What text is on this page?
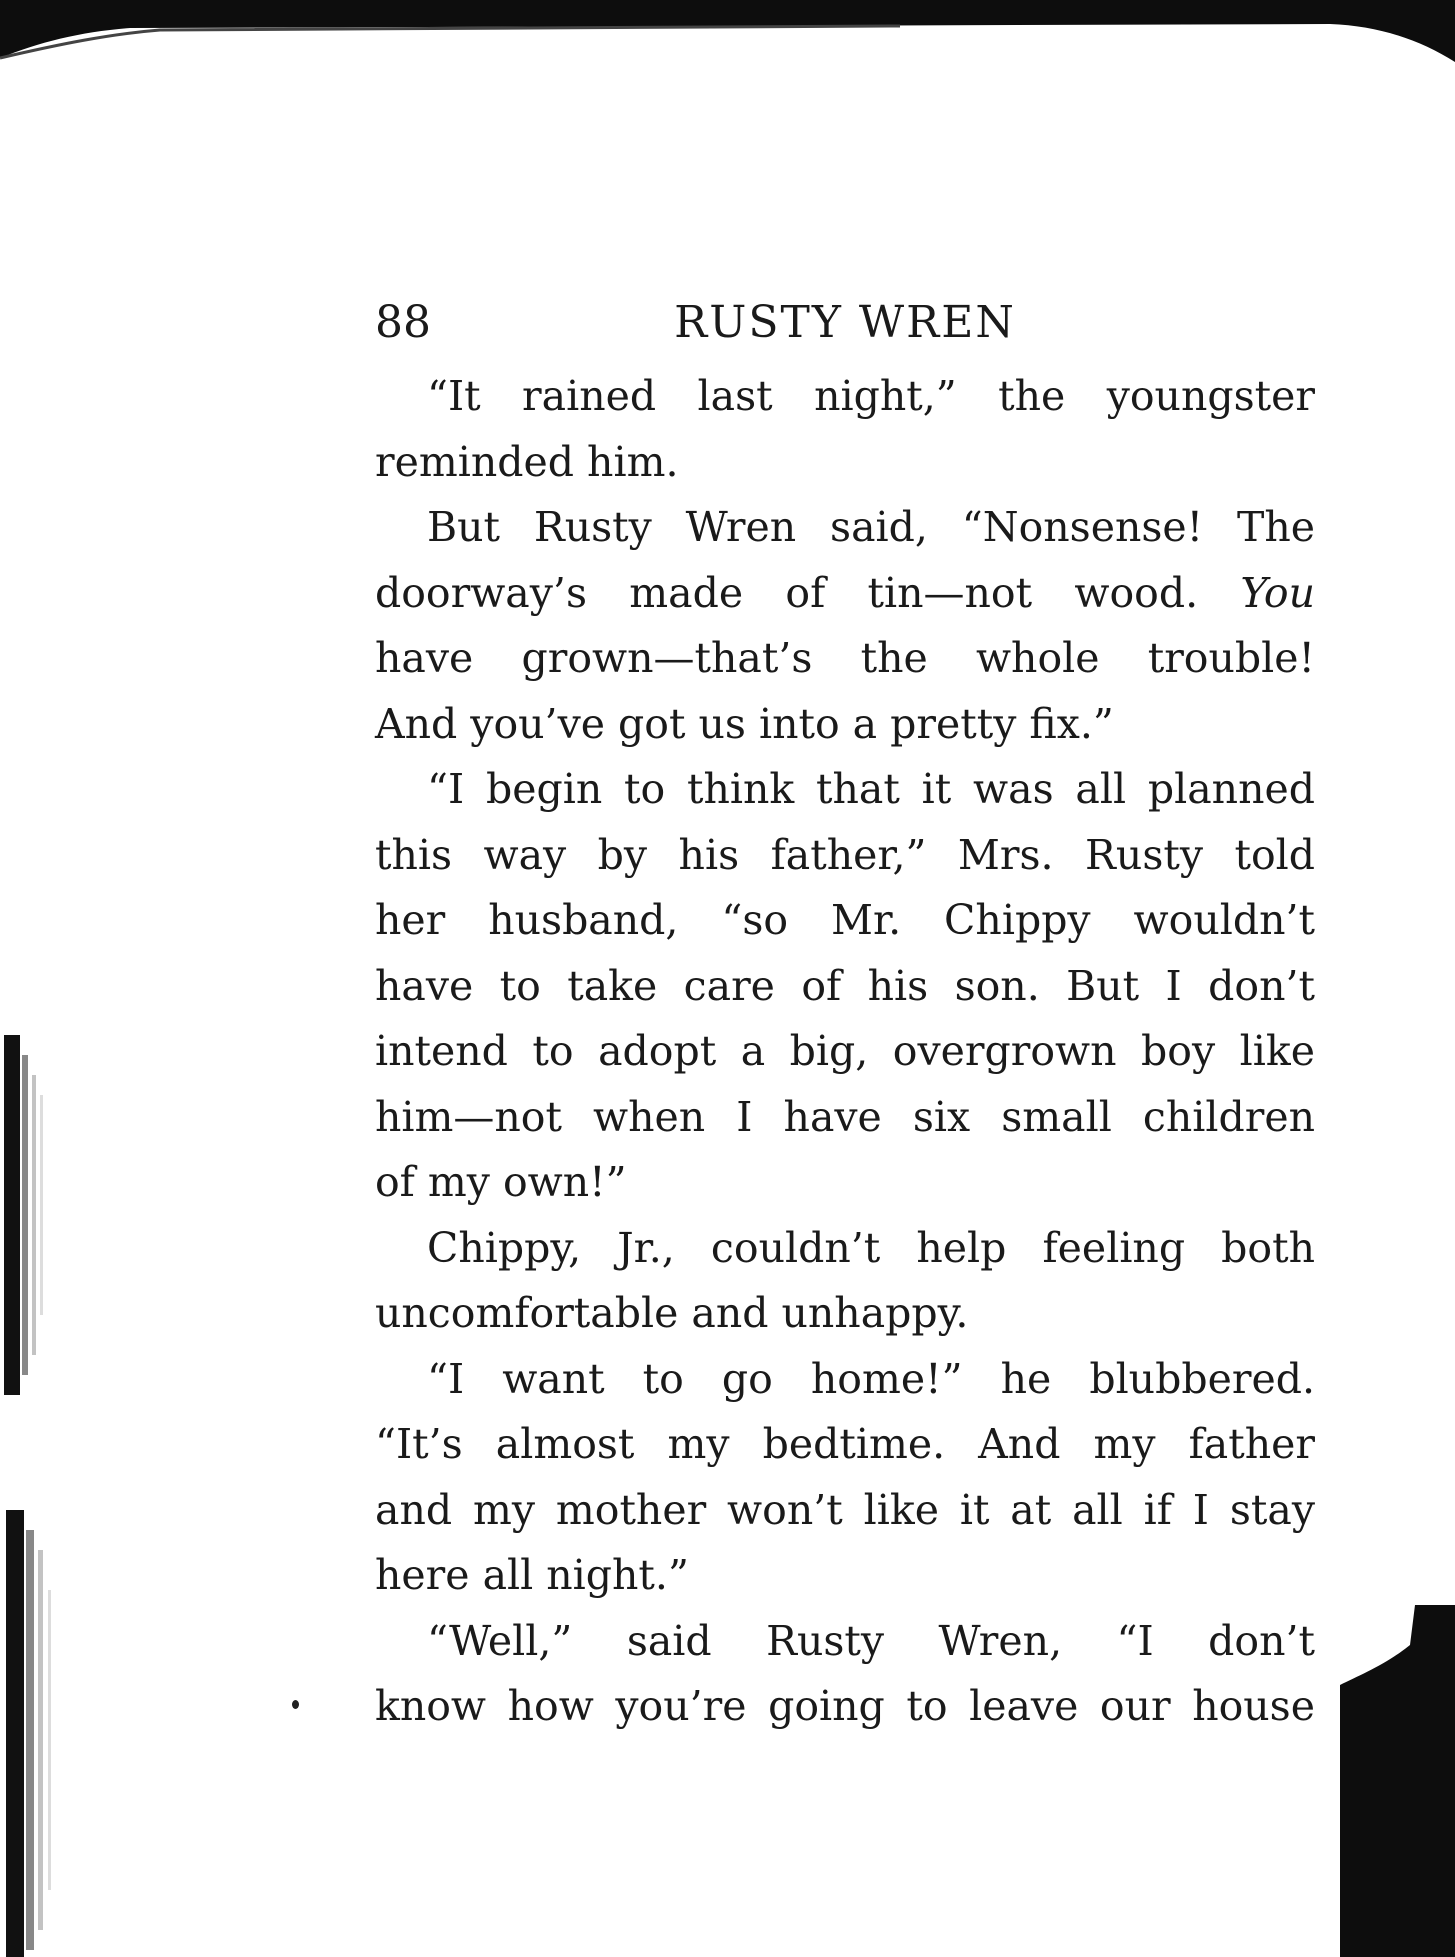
88	RUSTY WREN
“It rained last night,” the youngster
reminded him.
But Rusty Wren said, “Nonsense! The
doorway’s made of tin—not wood. You
have grown—that’s the whole trouble!
And you’ve got us into a pretty fix.”
“I begin to think that it was all planned
this way by his father,” Mrs. Rusty told
her husband, “so Mr. Chippy wouldn’t
have to take care of his son. But I don’t
intend to adopt a big, overgrown boy like
him—not when I have six small children
of my own!”
Chippy, Jr., couldn’t help feeling both
uncomfortable and unhappy.
“I want to go home!” he blubbered.
“It’s almost my bedtime. And my father
and my mother won’t like it at all if I stay
here all night.”
“Well,” said Rusty Wren, “I don’t
know how you’re going to leave our house
